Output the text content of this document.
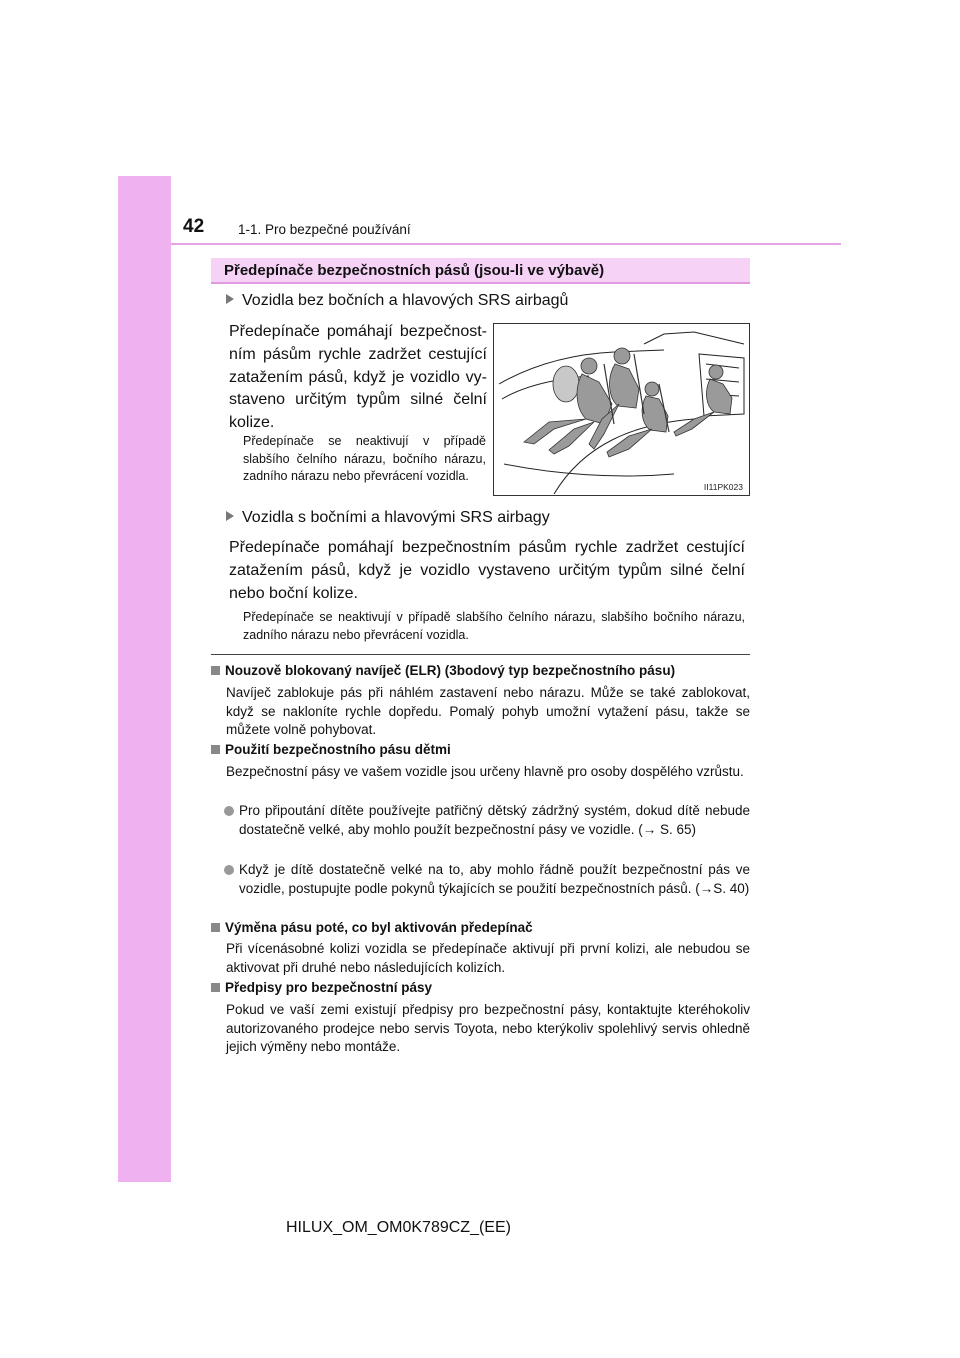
42	1-1. Pro bezpečné používání
Předepínače bezpečnostních pásů (jsou-li ve výbavě)
Vozidla bez bočních a hlavových SRS airbagů
Předepínače pomáhají bezpečnostním pásům rychle zadržet cestující zatažením pásů, když je vozidlo vystaveno určitým typům silné čelní kolize.
Předepínače se neaktivují v případě slabšího čelního nárazu, bočního nárazu, zadního nárazu nebo převrácení vozidla.
II11PK023
Vozidla s bočními a hlavovými SRS airbagy
Předepínače pomáhají bezpečnostním pásům rychle zadržet cestující zatažením pásů, když je vozidlo vystaveno určitým typům silné čelní nebo boční kolize.
Předepínače se neaktivují v případě slabšího čelního nárazu, slabšího bočního nárazu, zadního nárazu nebo převrácení vozidla.
Nouzově blokovaný navíječ (ELR) (3bodový typ bezpečnostního pásu)
Navíječ zablokuje pás při náhlém zastavení nebo nárazu. Může se také zablokovat, když se nakloníte rychle dopředu. Pomalý pohyb umožní vytažení pásu, takže se můžete volně pohybovat.
Použití bezpečnostního pásu dětmi
Bezpečnostní pásy ve vašem vozidle jsou určeny hlavně pro osoby dospělého vzrůstu.
Pro připoutání dítěte používejte patřičný dětský zádržný systém, dokud dítě nebude dostatečně velké, aby mohlo použít bezpečnostní pásy ve vozidle. (→ S. 65)
Když je dítě dostatečně velké na to, aby mohlo řádně použít bezpečnostní pás ve vozidle, postupujte podle pokynů týkajících se použití bezpečnostních pásů. (→S. 40)
Výměna pásu poté, co byl aktivován předepínač
Při vícenásobné kolizi vozidla se předepínače aktivují při první kolizi, ale nebudou se aktivovat při druhé nebo následujících kolizích.
Předpisy pro bezpečnostní pásy
Pokud ve vaší zemi existují předpisy pro bezpečnostní pásy, kontaktujte kteréhokoliv autorizovaného prodejce nebo servis Toyota, nebo kterýkoliv spolehlivý servis ohledně jejich výměny nebo montáže.
HILUX_OM_OM0K789CZ_(EE)
